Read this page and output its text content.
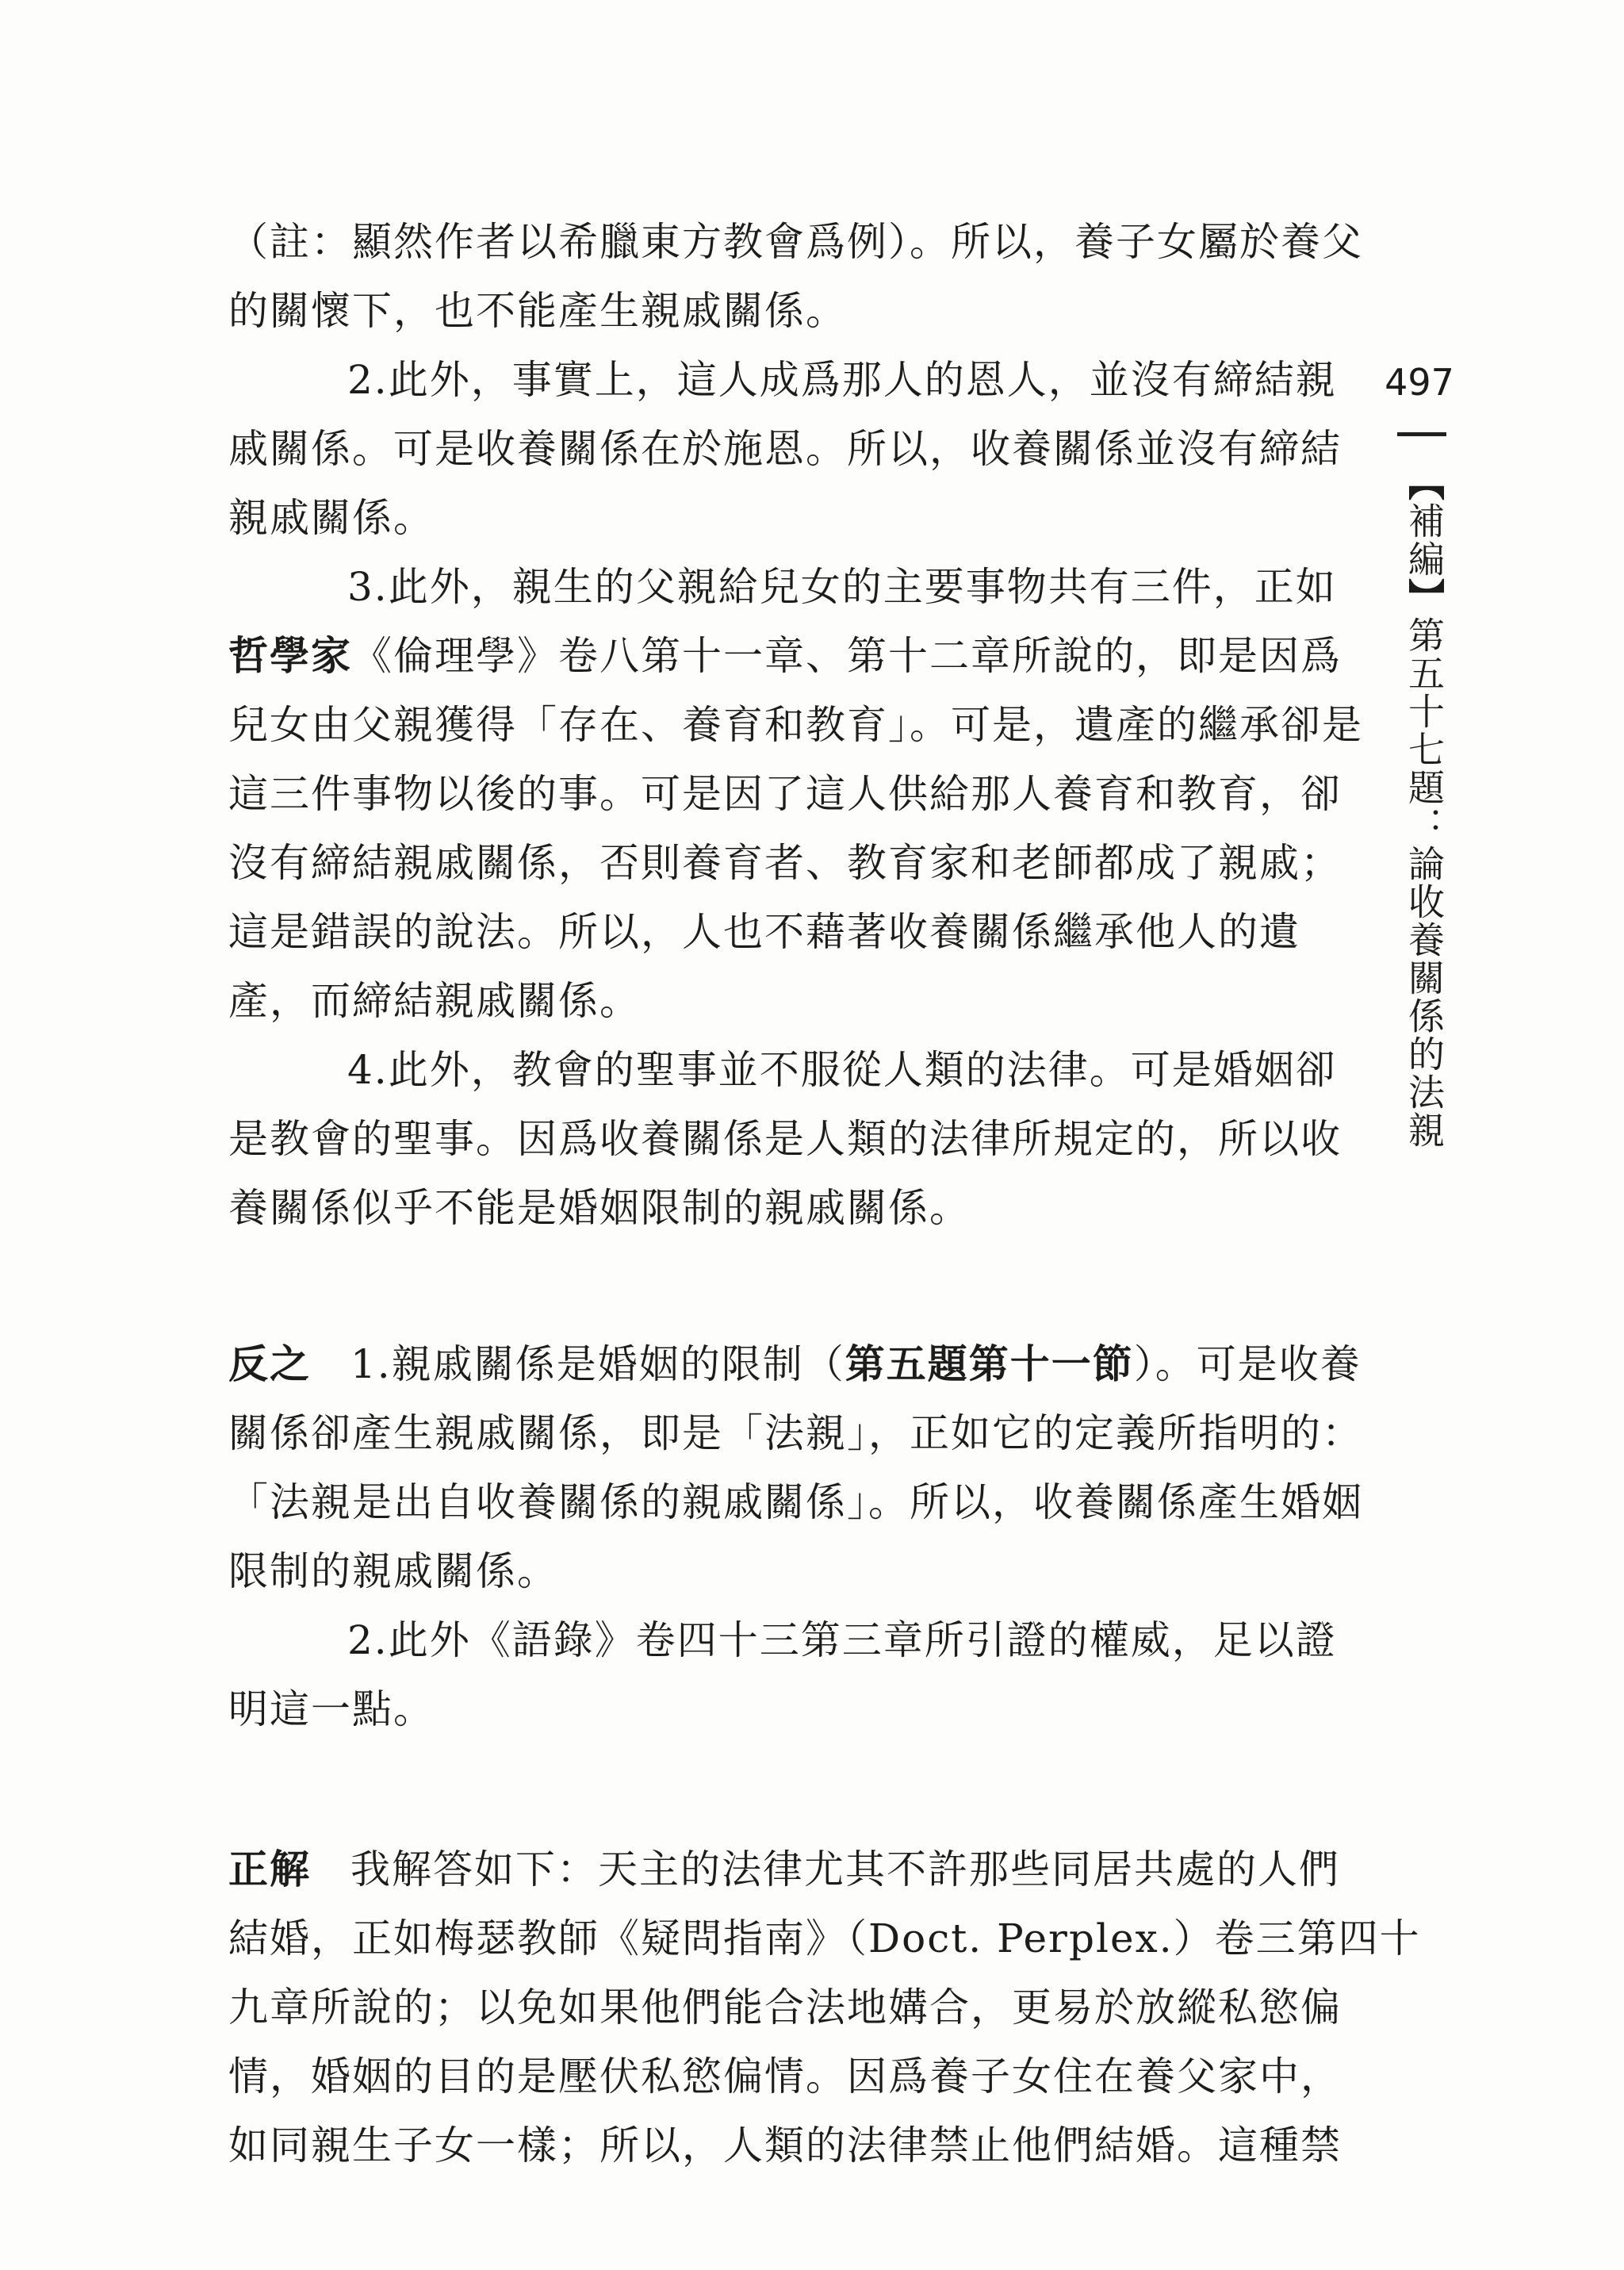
（註：顯然作者以希臘東方教會爲例）。所以，養子女屬於養父
的關懷下，也不能產生親戚關係。
2.此外，事實上，這人成爲那人的恩人，並沒有締結親
戚關係。可是收養關係在於施恩。所以，收養關係並沒有締結
親戚關係。
3.此外，親生的父親給兒女的主要事物共有三件，正如
哲學家《倫理學》卷八第十一章、第十二章所說的，即是因爲
兒女由父親獲得「存在、養育和教育」。可是，遺產的繼承卻是
這三件事物以後的事。可是因了這人供給那人養育和教育，卻
沒有締結親戚關係，否則養育者、教育家和老師都成了親戚；
這是錯誤的說法。所以，人也不藉著收養關係繼承他人的遺
產，而締結親戚關係。
4.此外，教會的聖事並不服從人類的法律。可是婚姻卻
是教會的聖事。因爲收養關係是人類的法律所規定的，所以收
養關係似乎不能是婚姻限制的親戚關係。
反之 1.親戚關係是婚姻的限制（第五題第十一節）。可是收養
關係卻產生親戚關係，即是「法親」，正如它的定義所指明的：
「法親是出自收養關係的親戚關係」。所以，收養關係產生婚姻
限制的親戚關係。
2.此外《語錄》卷四十三第三章所引證的權威，足以證
明這一點。
正解 我解答如下：天主的法律尤其不許那些同居共處的人們
結婚，正如梅瑟教師《疑問指南》（Doct. Perplex.）卷三第四十
九章所說的；以免如果他們能合法地媾合，更易於放縱私慾偏
情，婚姻的目的是壓伏私慾偏情。因爲養子女住在養父家中，
如同親生子女一樣；所以，人類的法律禁止他們結婚。這種禁
497
【補編】第五十七題：論收養關係的法親
